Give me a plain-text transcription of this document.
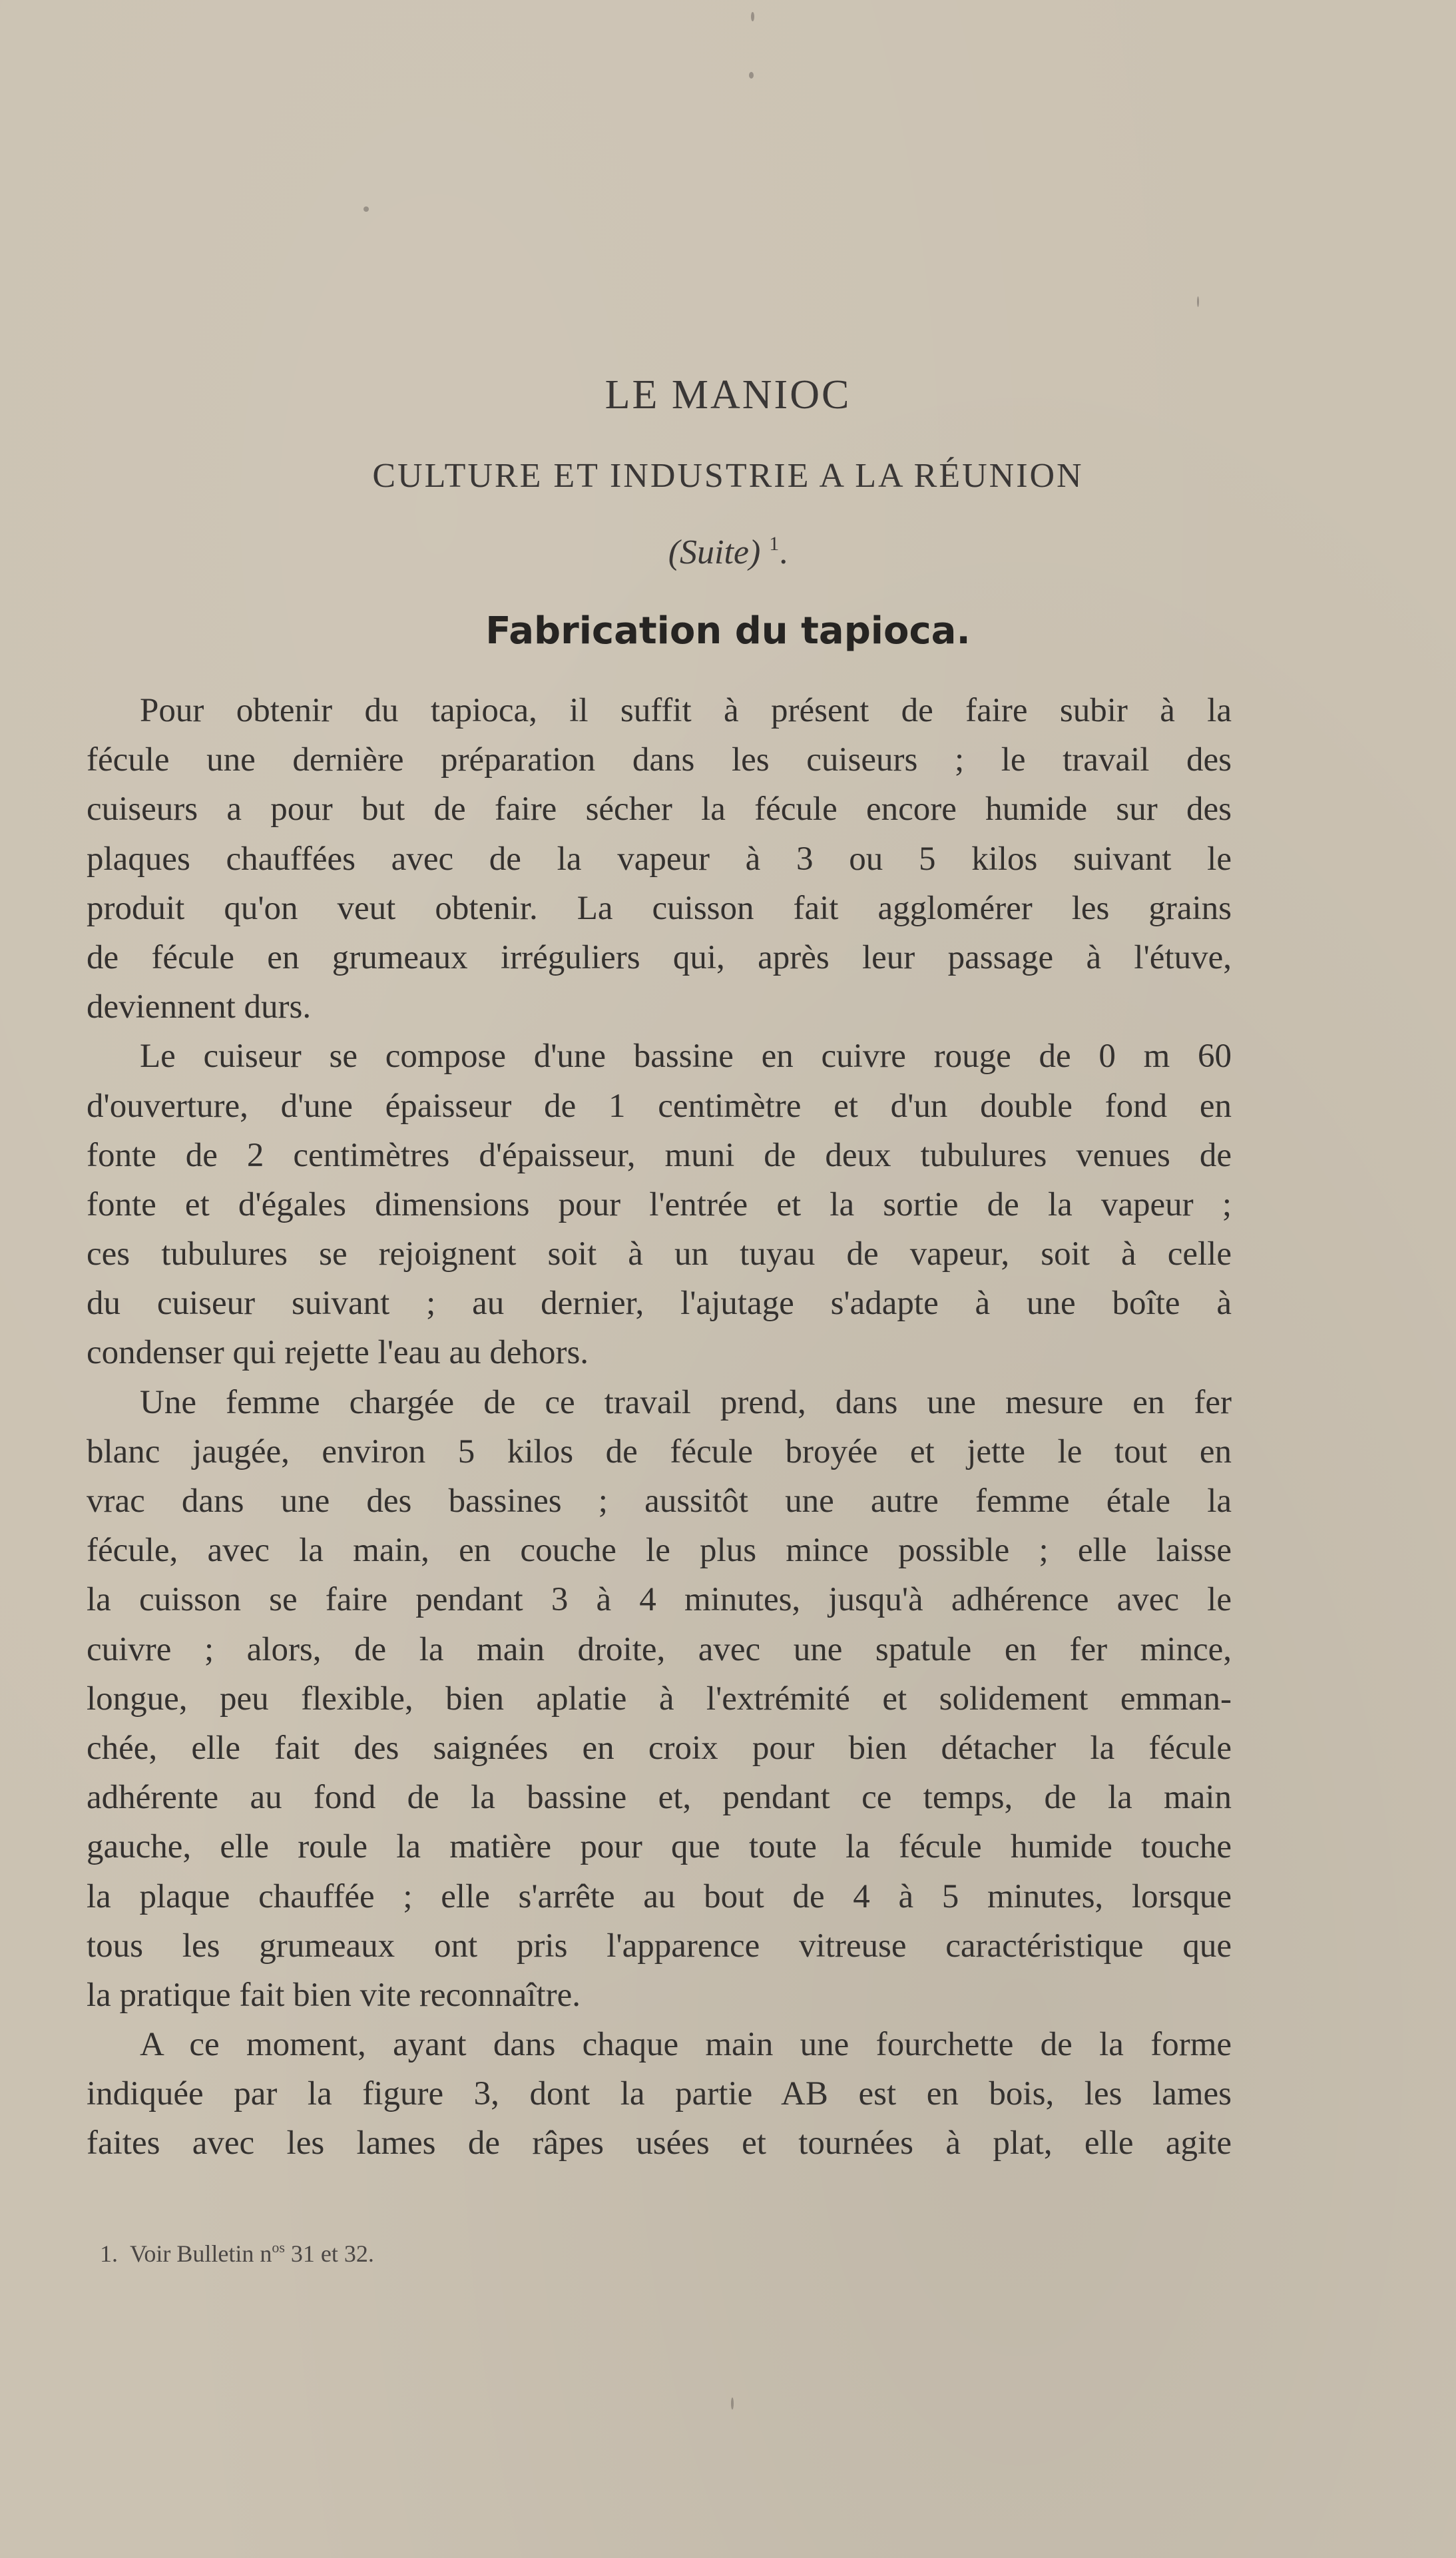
LE MANIOC
CULTURE ET INDUSTRIE A LA RÉUNION
(Suite) $^1$.
Fabrication du tapioca.
Pour obtenir du tapioca, il suffit à présent de faire subir à la
fécule une dernière préparation dans les cuiseurs ; le travail des
cuiseurs a pour but de faire sécher la fécule encore humide sur des
plaques chauffées avec de la vapeur à 3 ou 5 kilos suivant le
produit qu'on veut obtenir. La cuisson fait agglomérer les grains
de fécule en grumeaux irréguliers qui, après leur passage à l'étuve,
deviennent durs.
Le cuiseur se compose d'une bassine en cuivre rouge de 0 m 60
d'ouverture, d'une épaisseur de 1 centimètre et d'un double fond en
fonte de 2 centimètres d'épaisseur, muni de deux tubulures venues de
fonte et d'égales dimensions pour l'entrée et la sortie de la vapeur ;
ces tubulures se rejoignent soit à un tuyau de vapeur, soit à celle
du cuiseur suivant ; au dernier, l'ajutage s'adapte à une boîte à
condenser qui rejette l'eau au dehors.
Une femme chargée de ce travail prend, dans une mesure en fer
blanc jaugée, environ 5 kilos de fécule broyée et jette le tout en
vrac dans une des bassines ; aussitôt une autre femme étale la
fécule, avec la main, en couche le plus mince possible ; elle laisse
la cuisson se faire pendant 3 à 4 minutes, jusqu'à adhérence avec le
cuivre ; alors, de la main droite, avec une spatule en fer mince,
longue, peu flexible, bien aplatie à l'extrémité et solidement emman-
chée, elle fait des saignées en croix pour bien détacher la fécule
adhérente au fond de la bassine et, pendant ce temps, de la main
gauche, elle roule la matière pour que toute la fécule humide touche
la plaque chauffée ; elle s'arrête au bout de 4 à 5 minutes, lorsque
tous les grumeaux ont pris l'apparence vitreuse caractéristique que
la pratique fait bien vite reconnaître.
A ce moment, ayant dans chaque main une fourchette de la forme
indiquée par la figure 3, dont la partie AB est en bois, les lames
faites avec les lames de râpes usées et tournées à plat, elle agite
1. Voir Bulletin $n^{os}$ 31 et 32.
